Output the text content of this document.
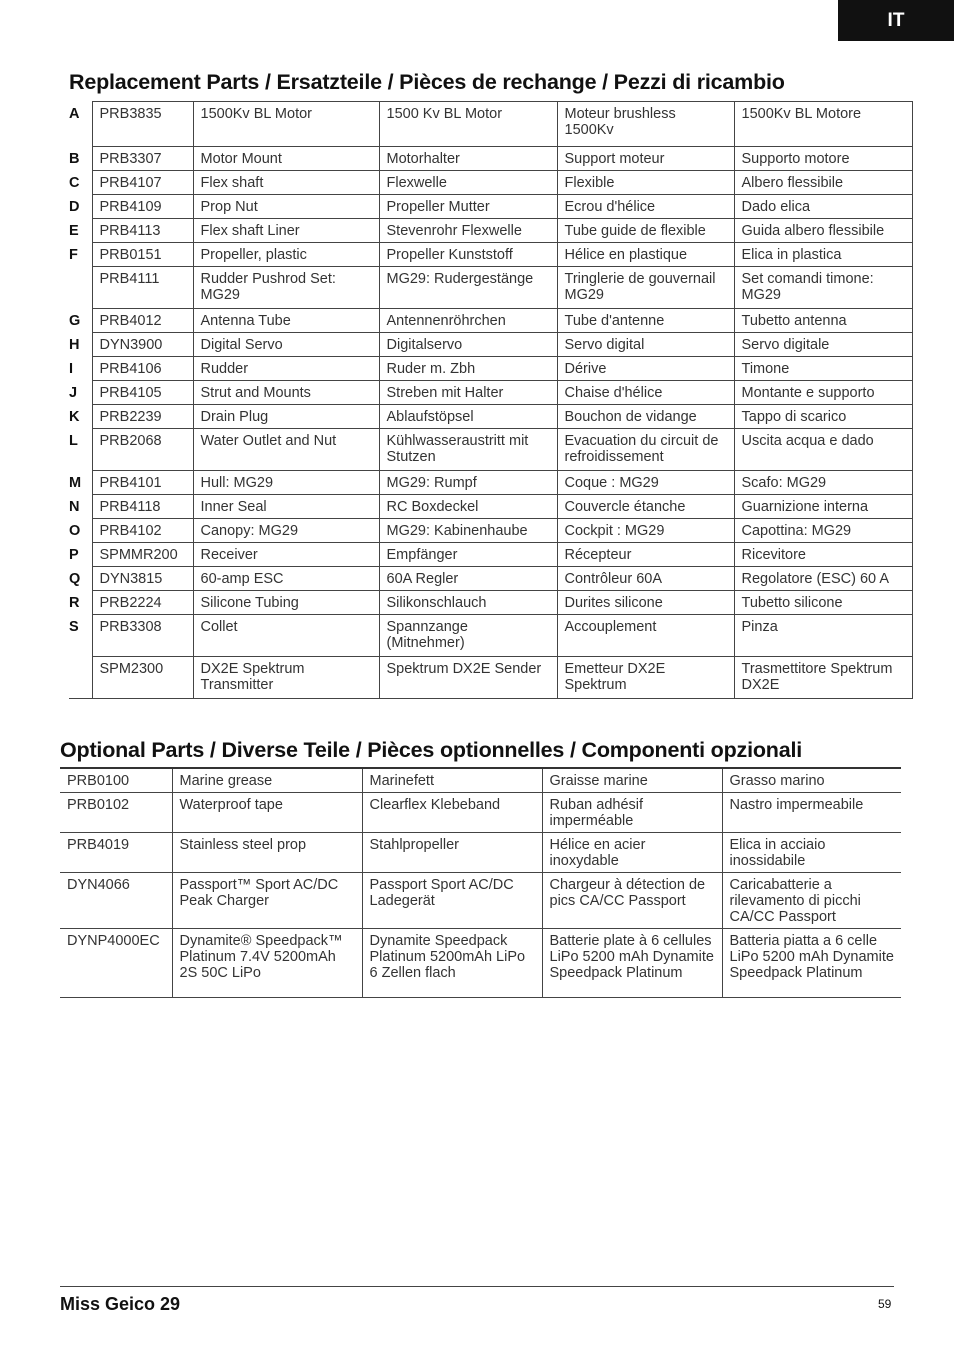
IT
Replacement Parts / Ersatzteile / Pièces de rechange / Pezzi di ricambio
A	PRB3835	1500Kv BL Motor	1500 Kv BL Motor	Moteur brushless 1500Kv	1500Kv BL Motore
B	PRB3307	Motor Mount	Motorhalter	Support moteur	Supporto motore
C	PRB4107	Flex shaft	Flexwelle	Flexible	Albero flessibile
D	PRB4109	Prop Nut	Propeller Mutter	Ecrou d'hélice	Dado elica
E	PRB4113	Flex shaft Liner	Stevenrohr Flexwelle	Tube guide de flexible	Guida albero flessibile
F	PRB0151	Propeller, plastic	Propeller Kunststoff	Hélice en plastique	Elica in plastica
	PRB4111	Rudder Pushrod Set: MG29	MG29: Rudergestänge	Tringlerie de gouvernail MG29	Set comandi timone: MG29
G	PRB4012	Antenna Tube	Antennenröhrchen	Tube d'antenne	Tubetto antenna
H	DYN3900	Digital Servo	Digitalservo	Servo digital	Servo digitale
I	PRB4106	Rudder	Ruder m. Zbh	Dérive	Timone
J	PRB4105	Strut and Mounts	Streben mit Halter	Chaise d'hélice	Montante e supporto
K	PRB2239	Drain Plug	Ablaufstöpsel	Bouchon de vidange	Tappo di scarico
L	PRB2068	Water Outlet and Nut	Kühlwasseraustritt mit Stutzen	Evacuation du circuit de refroidissement	Uscita acqua e dado
M	PRB4101	Hull: MG29	MG29: Rumpf	Coque : MG29	Scafo: MG29
N	PRB4118	Inner Seal	RC Boxdeckel	Couvercle étanche	Guarnizione interna
O	PRB4102	Canopy: MG29	MG29: Kabinenhaube	Cockpit : MG29	Capottina: MG29
P	SPMMR200	Receiver	Empfänger	Récepteur	Ricevitore
Q	DYN3815	60-amp ESC	60A Regler	Contrôleur 60A	Regolatore (ESC) 60 A
R	PRB2224	Silicone Tubing	Silikonschlauch	Durites silicone	Tubetto silicone
S	PRB3308	Collet	Spannzange (Mitnehmer)	Accouplement	Pinza
	SPM2300	DX2E Spektrum Transmitter	Spektrum DX2E Sender	Emetteur DX2E Spektrum	Trasmettitore Spektrum DX2E
Optional Parts / Diverse Teile / Pièces optionnelles / Componenti opzionali
PRB0100	Marine grease	Marinefett	Graisse marine	Grasso marino
PRB0102	Waterproof tape	Clearflex Klebeband	Ruban adhésif imperméable	Nastro impermeabile
PRB4019	Stainless steel prop	Stahlpropeller	Hélice en acier inoxydable	Elica in acciaio inossidabile
DYN4066	Passport™ Sport AC/DC Peak Charger	Passport Sport AC/DC Ladegerät	Chargeur à détection de pics CA/CC Passport	Caricabatterie a rilevamento di picchi CA/CC Passport
DYNP4000EC	Dynamite® Speedpack™ Platinum 7.4V 5200mAh 2S 50C LiPo	Dynamite Speedpack Platinum 5200mAh LiPo 6 Zellen flach	Batterie plate à 6 cellules LiPo 5200 mAh Dynamite Speedpack Platinum	Batteria piatta a 6 celle LiPo 5200 mAh Dynamite Speedpack Platinum
Miss Geico 29	59
